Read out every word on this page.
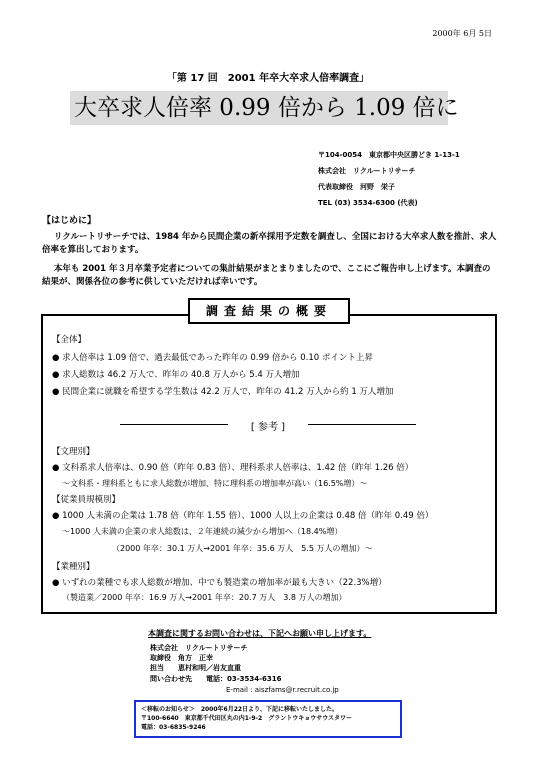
2000年 6月 5日
「第 17 回　2001 年卒大卒求人倍率調査」
大卒求人倍率 0.99 倍から 1.09 倍に
〒104-0054　東京都中央区勝どき 1-13-1
株式会社　リクルートリサーチ
代表取締役　河野　栄子
TEL (03) 3534-6300 (代表)
【はじめに】

リクルートリサーチでは、1984 年から民間企業の新卒採用予定数を調査し、全国における大卒求人数を推計、求人倍率を算出しております。

本年も 2001 年３月卒業予定者についての集計結果がまとまりましたので、ここにご報告申し上げます。本調査の結果が、関係各位の参考に供していただければ幸いです。

調査結果の概要
【全体】
● 求人倍率は 1.09 倍で、過去最低であった昨年の 0.99 倍から 0.10 ポイント上昇
● 求人総数は 46.2 万人で、昨年の 40.8 万人から 5.4 万人増加
● 民間企業に就職を希望する学生数は 42.2 万人で、昨年の 41.2 万人から約 1 万人増加
[ 参考 ]
【文理別】
● 文科系求人倍率は、0.90 倍（昨年 0.83 倍）、理科系求人倍率は、1.42 倍（昨年 1.26 倍）
～文科系・理科系ともに求人総数が増加、特に理科系の増加率が高い（16.5%増）～
【従業員規模別】
● 1000 人未満の企業は 1.78 倍（昨年 1.55 倍）、1000 人以上の企業は 0.48 倍（昨年 0.49 倍）
～1000 人未満の企業の求人総数は、２年連続の減少から増加へ（18.4%増）
（2000 年卒：30.1 万人→2001 年卒：35.6 万人　5.5 万人の増加）～
【業種別】
● いずれの業種でも求人総数が増加、中でも製造業の増加率が最も大きい（22.3%増）
（製造業／2000 年卒：16.9 万人→2001 年卒：20.7 万人　3.8 万人の増加）
本調査に関するお問い合わせは、下記へお願い申し上げます。
株式会社　リクルートリサーチ
取締役　角方　正幸
担当　　恵村和明／岩友直重
問い合わせ先　　電話：03-3534-6316
E-mail : aiszfams@r.recruit.co.jp
＜移転のお知らせ＞　2000年6月22日より、下記に移転いたしました。
〒100-6640　東京都千代田区丸の内1-9-2　グラントウキョウサウスタワー
電話：03-6835-9246
